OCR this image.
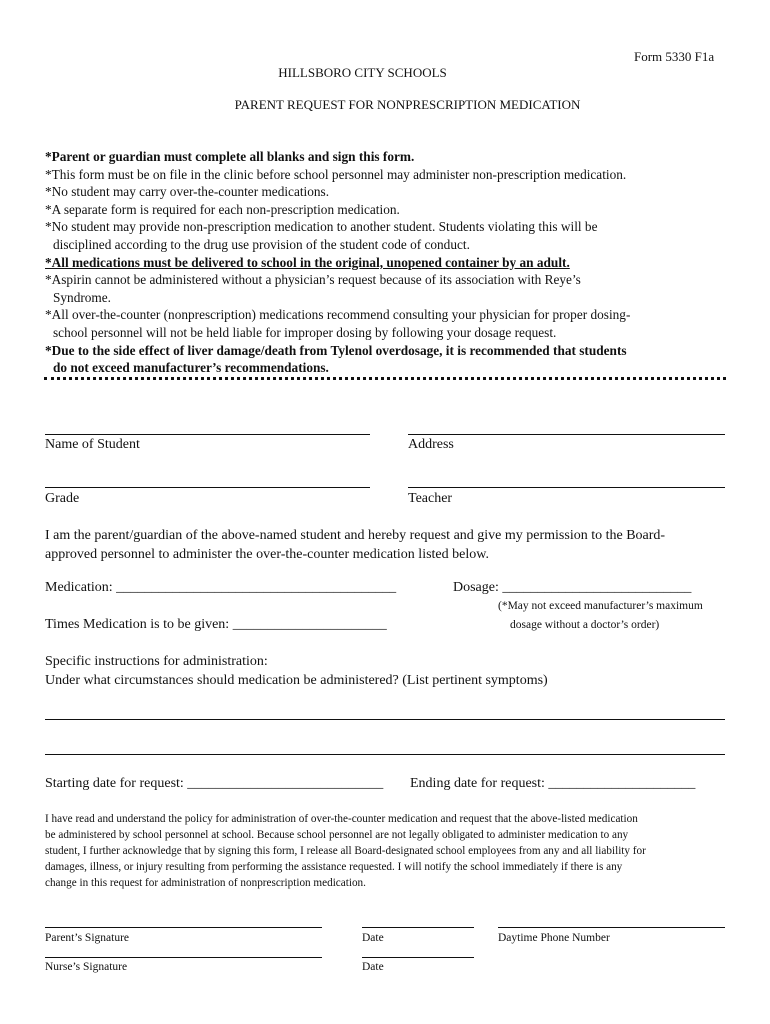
Form 5330 F1a
HILLSBORO CITY SCHOOLS
PARENT REQUEST FOR NONPRESCRIPTION MEDICATION
*Parent or guardian must complete all blanks and sign this form.
*This form must be on file in the clinic before school personnel may administer non-prescription medication.
*No student may carry over-the-counter medications.
*A separate form is required for each non-prescription medication.
*No student may provide non-prescription medication to another student. Students violating this will be
disciplined according to the drug use provision of the student code of conduct.
*All medications must be delivered to school in the original, unopened container by an adult.
*Aspirin cannot be administered without a physician’s request because of its association with Reye’s
Syndrome.
*All over-the-counter (nonprescription) medications recommend consulting your physician for proper dosing-
school personnel will not be held liable for improper dosing by following your dosage request.
*Due to the side effect of liver damage/death from Tylenol overdosage, it is recommended that students
do not exceed manufacturer’s recommendations.
Name of Student	Address
Grade	Teacher
I am the parent/guardian of the above-named student and hereby request and give my permission to the Board-
approved personnel to administer the over-the-counter medication listed below.
Medication: ________________________________________	Dosage: ___________________________
(*May not exceed manufacturer’s maximum
dosage without a doctor’s order)
Times Medication is to be given: ______________________
Specific instructions for administration:
Under what circumstances should medication be administered? (List pertinent symptoms)
Starting date for request: ____________________________ Ending date for request: _____________________
I have read and understand the policy for administration of over-the-counter medication and request that the above-listed medication
be administered by school personnel at school. Because school personnel are not legally obligated to administer medication to any
student, I further acknowledge that by signing this form, I release all Board-designated school employees from any and all liability for
damages, illness, or injury resulting from performing the assistance requested. I will notify the school immediately if there is any
change in this request for administration of nonprescription medication.
Parent’s Signature	Date	Daytime Phone Number
Nurse’s Signature	Date
